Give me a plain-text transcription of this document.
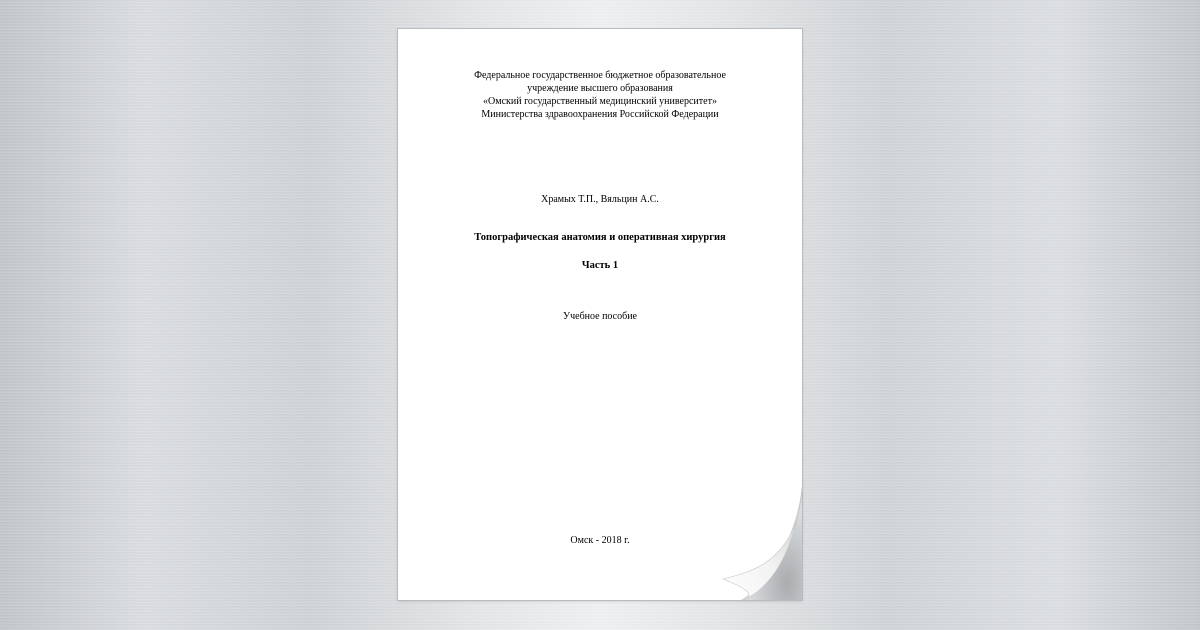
Федеральное государственное бюджетное образовательное
учреждение высшего образования
«Омский государственный медицинский университет»
Министерства здравоохранения Российской Федерации
Храмых Т.П., Вяльцин А.С.
Топографическая анатомия и оперативная хирургия
Часть 1
Учебное пособие
Омск - 2018 г.
